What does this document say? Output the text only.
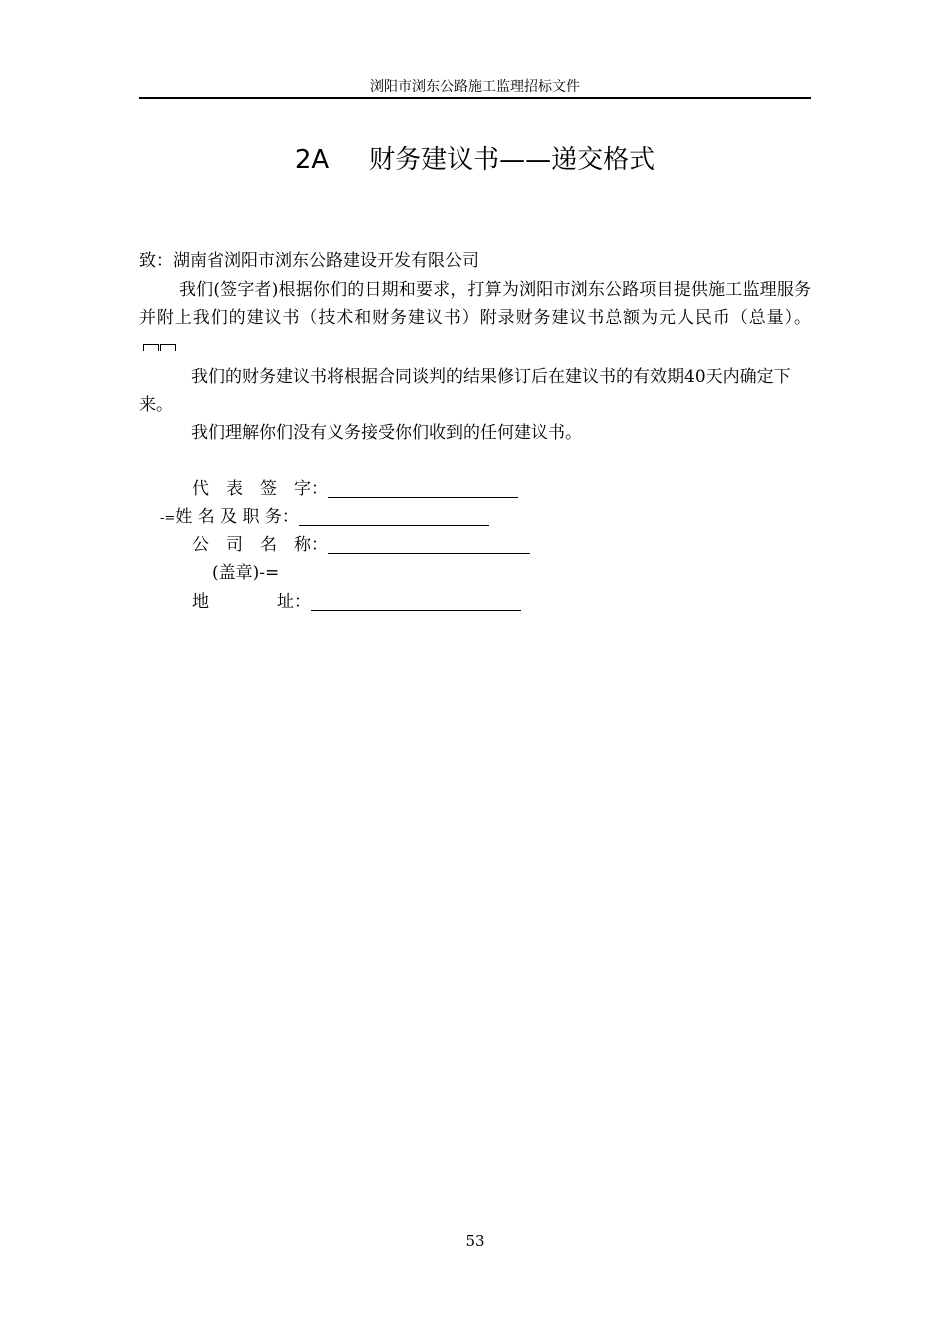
浏阳市浏东公路施工监理招标文件
2A 财务建议书——递交格式

致：湖南省浏阳市浏东公路建设开发有限公司

我们(签字者)根据你们的日期和要求，打算为浏阳市浏东公路项目提供施工监理服务并附上我们的建议书（技术和财务建议书）附录财务建议书总额为元人民币（总量）。

我们的财务建议书将根据合同谈判的结果修订后在建议书的有效期40天内确定下来。

我们理解你们没有义务接受你们收到的任何建议书。

代　表　签　字：
-=姓 名 及 职 务：
公　司　名　称：
(盖章)-=
地　　　　址：
53
